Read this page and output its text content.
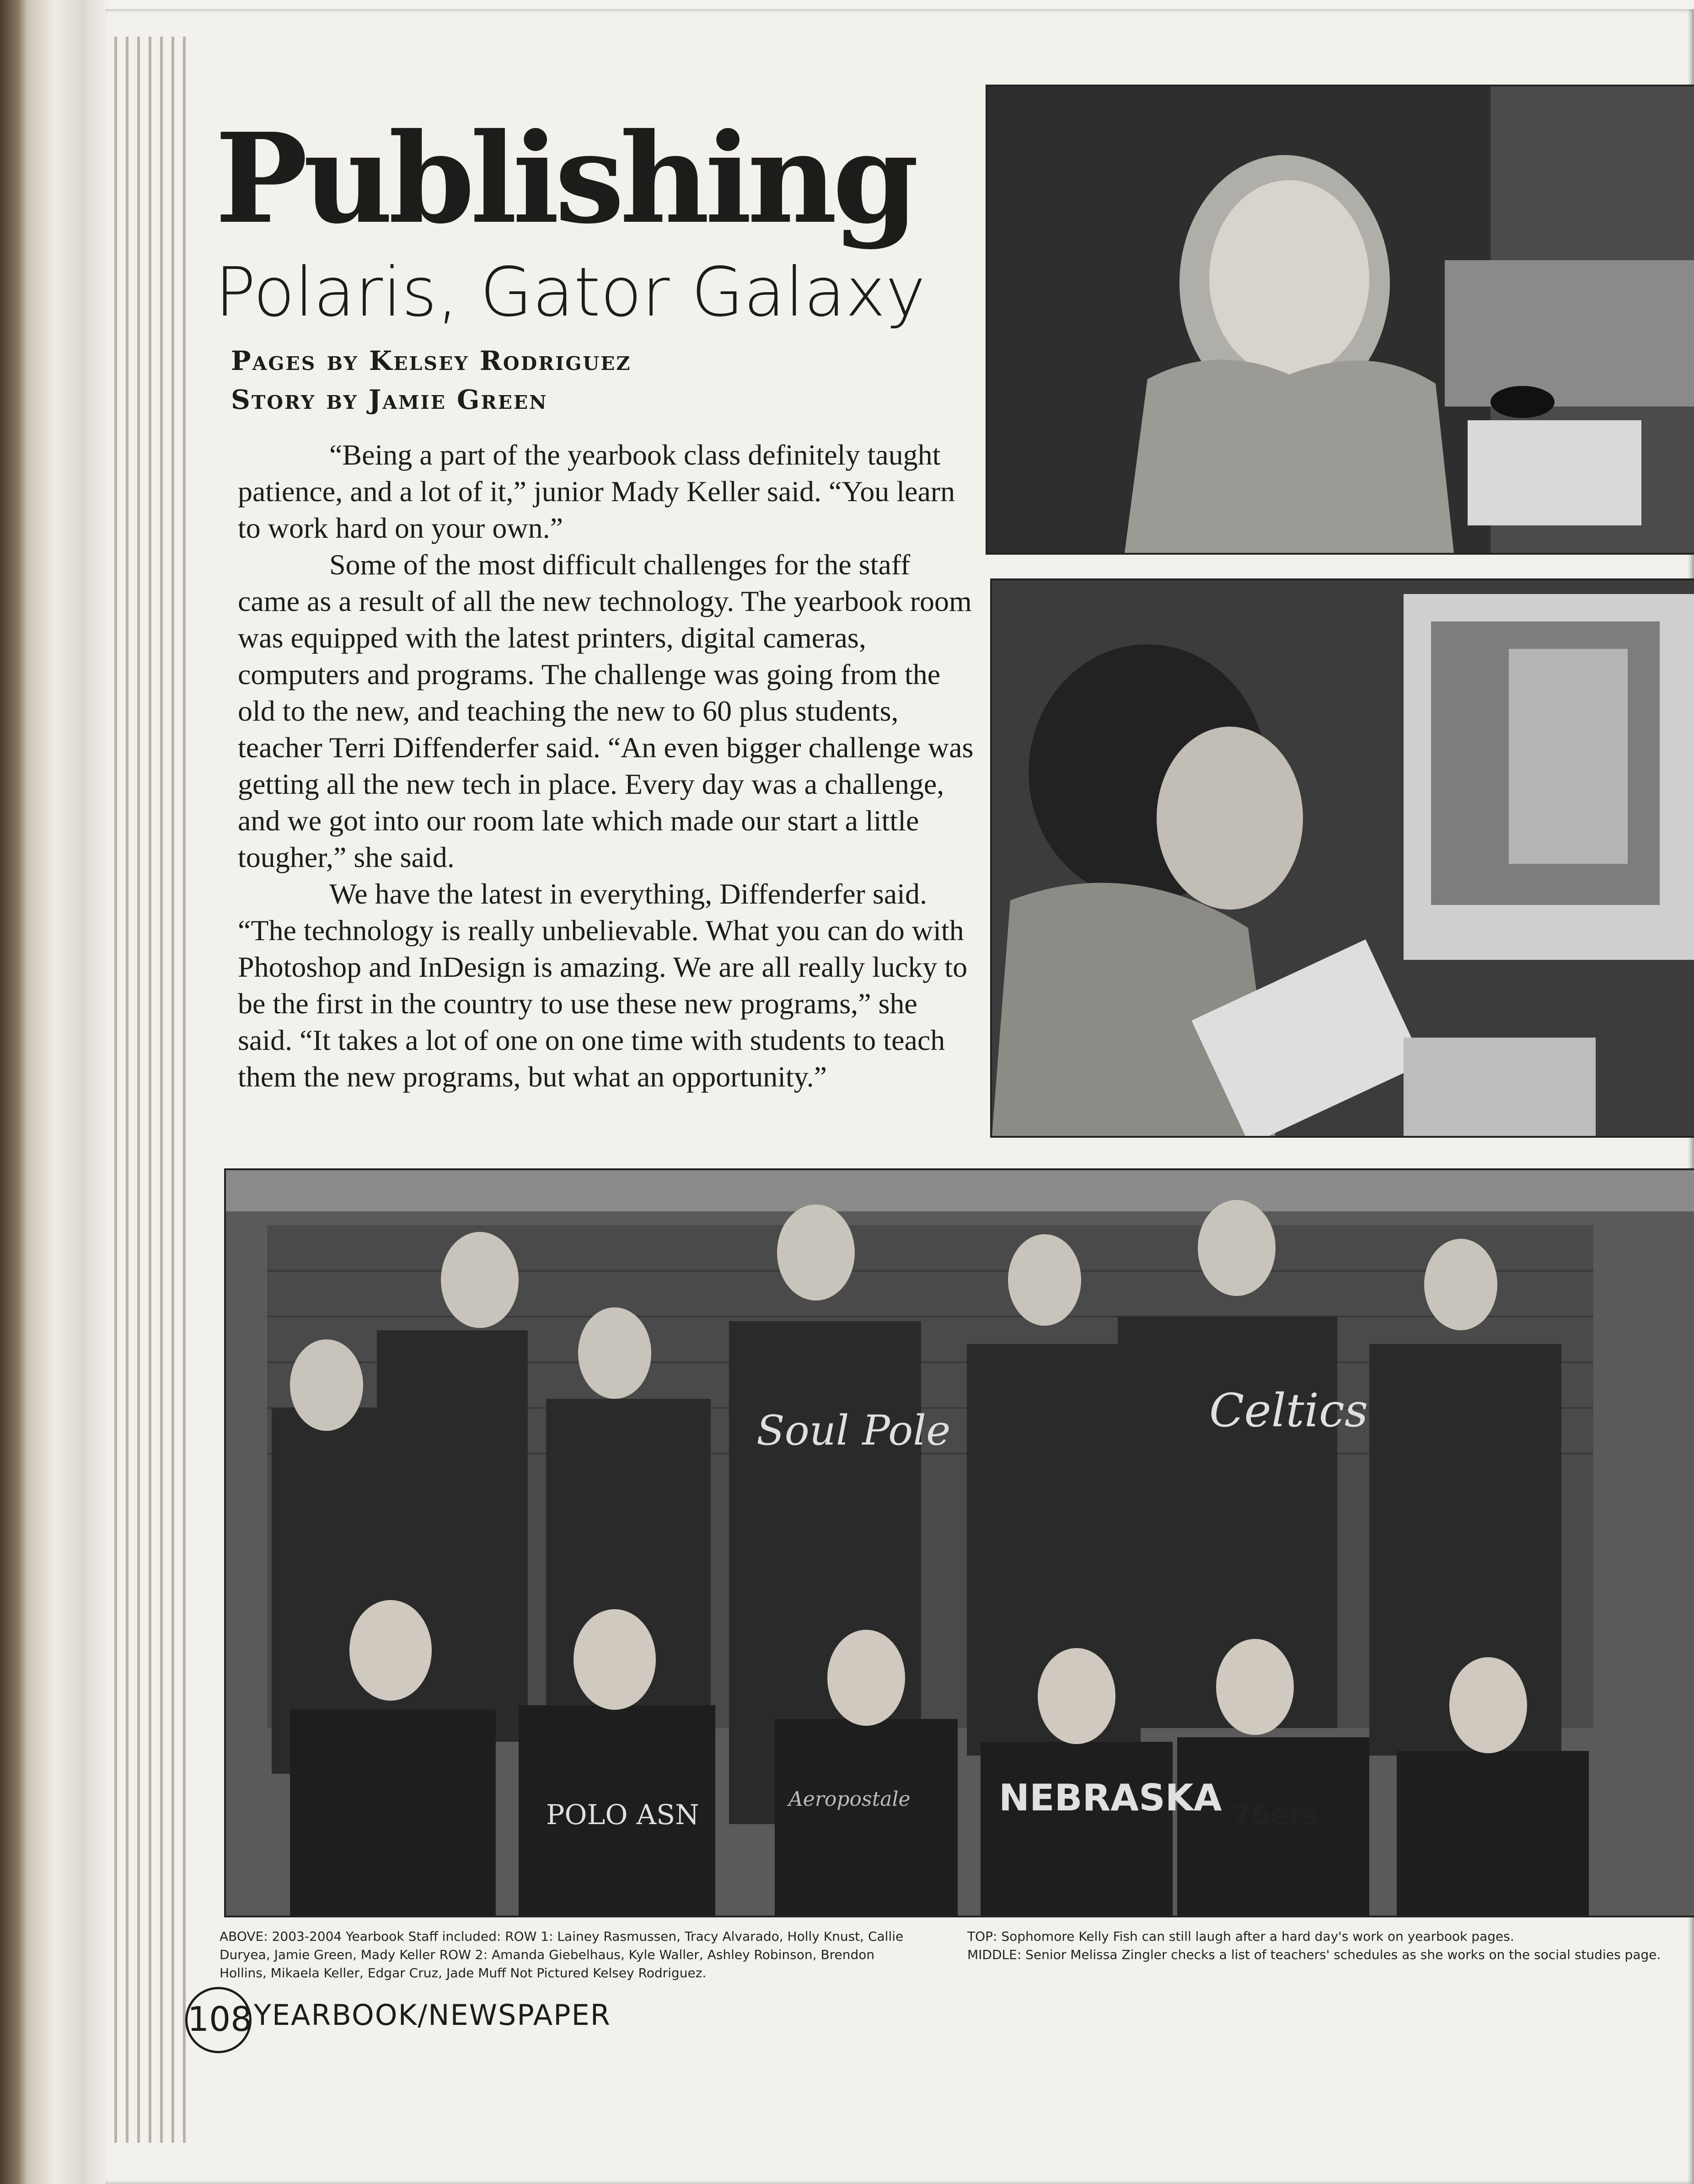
Publishing
Polaris, Gator Galaxy
Pages by Kelsey Rodriguez
Story by Jamie Green

“Being a part of the yearbook class definitely taught patience, and a lot of it,” junior Mady Keller said. “You learn to work hard on your own.”

Some of the most difficult challenges for the staff came as a result of all the new technology. The yearbook room was equipped with the latest printers, digital cameras, computers and programs. The challenge was going from the old to the new, and teaching the new to 60 plus students, teacher Terri Diffenderfer said. “An even bigger challenge was getting all the new tech in place. Every day was a challenge, and we got into our room late which made our start a little tougher,” she said.

We have the latest in everything, Diffenderfer said. “The technology is really unbelievable. What you can do with Photoshop and InDesign is amazing. We are all really lucky to be the first in the country to use these new programs,” she said. “It takes a lot of one on one time with students to teach them the new programs, but what an opportunity.”

Soul Pole	Celtics
NEBRASKA 76ers
Aeropostale
POLO ASN
ABOVE: 2003-2004 Yearbook Staff included: ROW 1: Lainey Rasmussen, Tracy Alvarado, Holly Knust, Callie Duryea, Jamie Green, Mady Keller ROW 2: Amanda Giebelhaus, Kyle Waller, Ashley Robinson, Brendon Hollins, Mikaela Keller, Edgar Cruz, Jade Muff Not Pictured Kelsey Rodriguez.
TOP: Sophomore Kelly Fish can still laugh after a hard day's work on yearbook pages.
MIDDLE: Senior Melissa Zingler checks a list of teachers' schedules as she works on the social studies page.
108 YEARBOOK/NEWSPAPER
